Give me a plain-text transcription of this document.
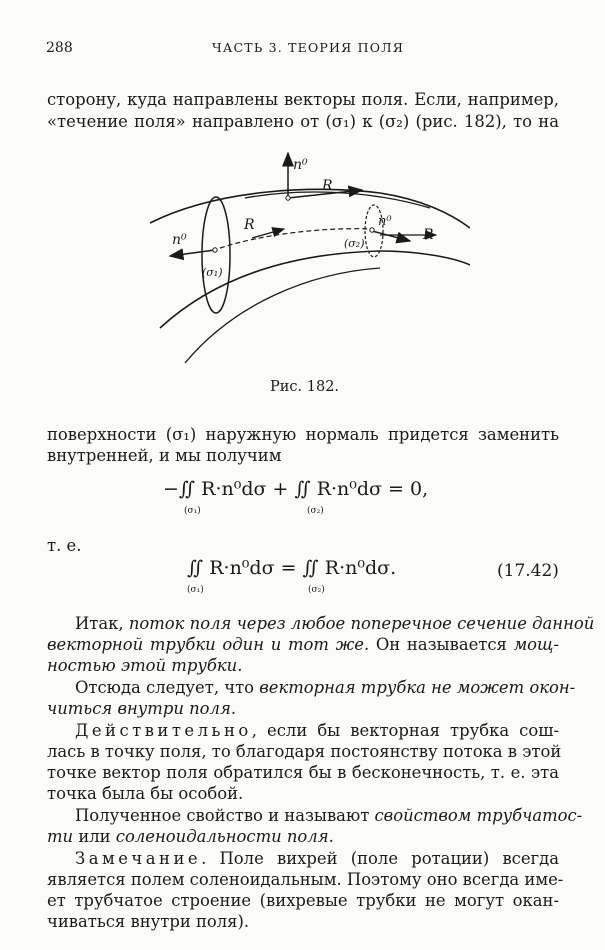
288	ЧАСТЬ 3. ТЕОРИЯ ПОЛЯ
сторону, куда направлены векторы поля. Если, например,
«течение поля» направлено от (σ₁) к (σ₂) (рис. 182), то на
n⁰
R
n⁰
R	n⁰
R
(σ₁)
(σ₂)
Рис. 182.
поверхности (σ₁) наружную нормаль придется заменить
внутренней, и мы получим
−∬ R·n⁰dσ + ∬ R·n⁰dσ = 0,
(σ₁)	(σ₂)
т. е.
∬ R·n⁰dσ = ∬ R·n⁰dσ.
(σ₁)	(σ₂)
(17.42)
Итак, поток поля через любое поперечное сечение данной
векторной трубки один и тот же. Он называется мощ-
ностью этой трубки.
Отсюда следует, что векторная трубка не может окон-
читься внутри поля.
Действительно, если бы векторная трубка сош-
лась в точку поля, то благодаря постоянству потока в этой
точке вектор поля обратился бы в бесконечность, т. е. эта
точка была бы особой.
Полученное свойство и называют свойством трубчатос-
ти или соленоидальности поля.
Замечание. Поле вихрей (поле ротации) всегда
является полем соленоидальным. Поэтому оно всегда име-
ет трубчатое строение (вихревые трубки не могут окан-
чиваться внутри поля).
